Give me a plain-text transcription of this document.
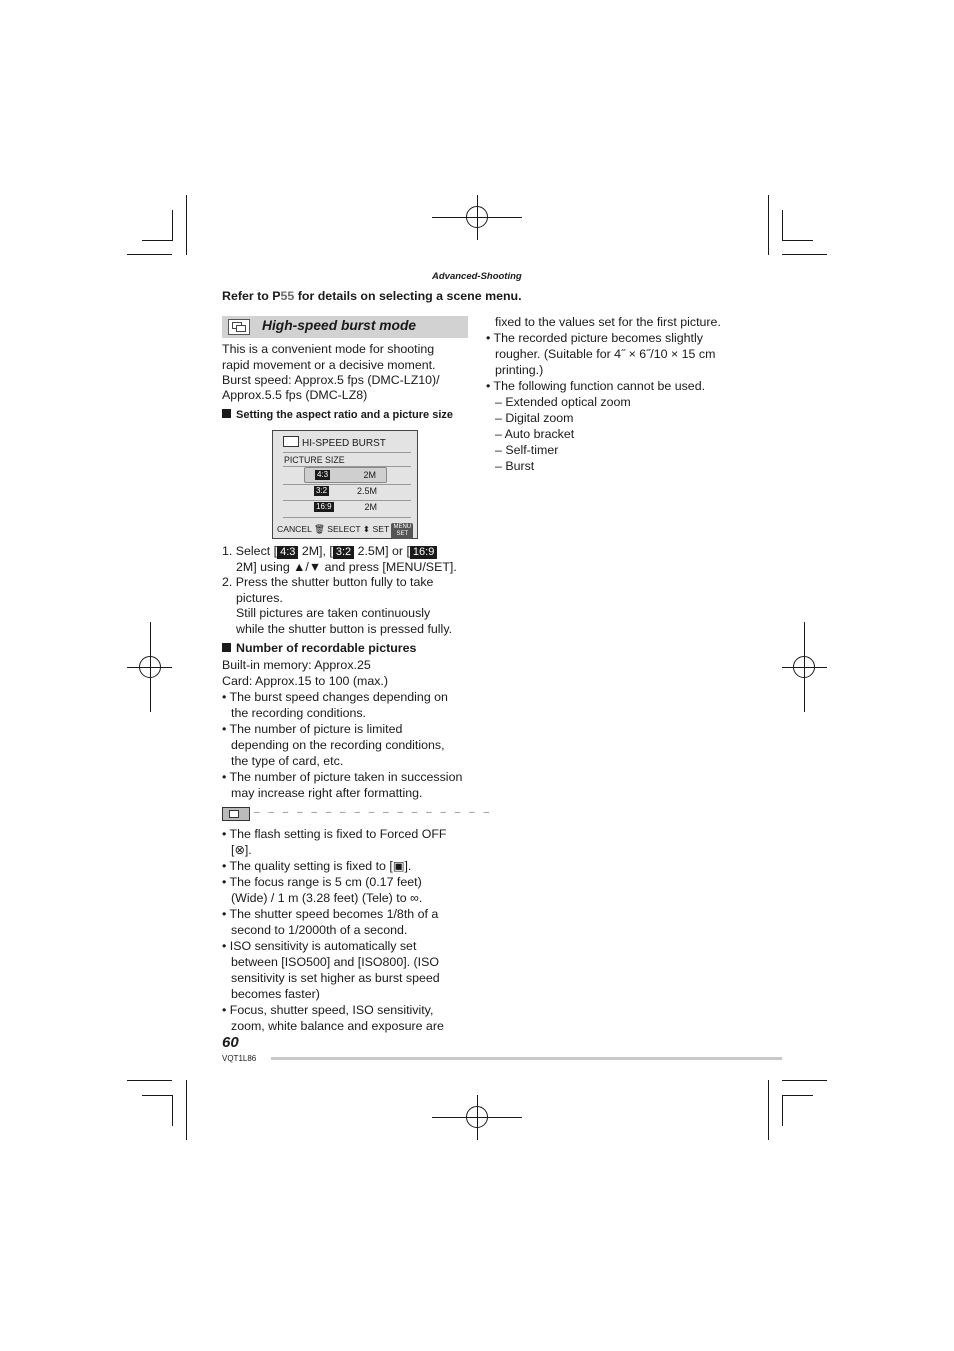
Advanced-Shooting
Refer to P55 for details on selecting a scene menu.
High-speed burst mode
This is a convenient mode for shooting
rapid movement or a decisive moment.
Burst speed: Approx.5 fps (DMC-LZ10)/
Approx.5.5 fps (DMC-LZ8)
Setting the aspect ratio and a picture size
HI-SPEED BURST
PICTURE SIZE
4:3	2M
3:2	2.5M
16:9	2M
CANCEL 🗑 SELECT ⬍ SET MENU
SET
1. Select [ 4:3 2M], [ 3:2 2.5M] or [ 16:9
2M] using ▲/▼ and press [MENU/SET].
2. Press the shutter button fully to take
pictures.
Still pictures are taken continuously
while the shutter button is pressed fully.
Number of recordable pictures
Built-in memory: Approx.25
Card: Approx.15 to 100 (max.)
• The burst speed changes depending on
the recording conditions.
• The number of picture is limited
depending on the recording conditions,
the type of card, etc.
• The number of picture taken in succession
may increase right after formatting.
– – – – – – – – – – – – – – – – –
• The flash setting is fixed to Forced OFF
[⊗].
• The quality setting is fixed to [▣].
• The focus range is 5 cm (0.17 feet)
(Wide) / 1 m (3.28 feet) (Tele) to ∞.
• The shutter speed becomes 1/8th of a
second to 1/2000th of a second.
• ISO sensitivity is automatically set
between [ISO500] and [ISO800]. (ISO
sensitivity is set higher as burst speed
becomes faster)
• Focus, shutter speed, ISO sensitivity,
zoom, white balance and exposure are
fixed to the values set for the first picture.
• The recorded picture becomes slightly
rougher. (Suitable for 4˝ × 6˝/10 × 15 cm
printing.)
• The following function cannot be used.
– Extended optical zoom
– Digital zoom
– Auto bracket
– Self-timer
– Burst
60
VQT1L86
